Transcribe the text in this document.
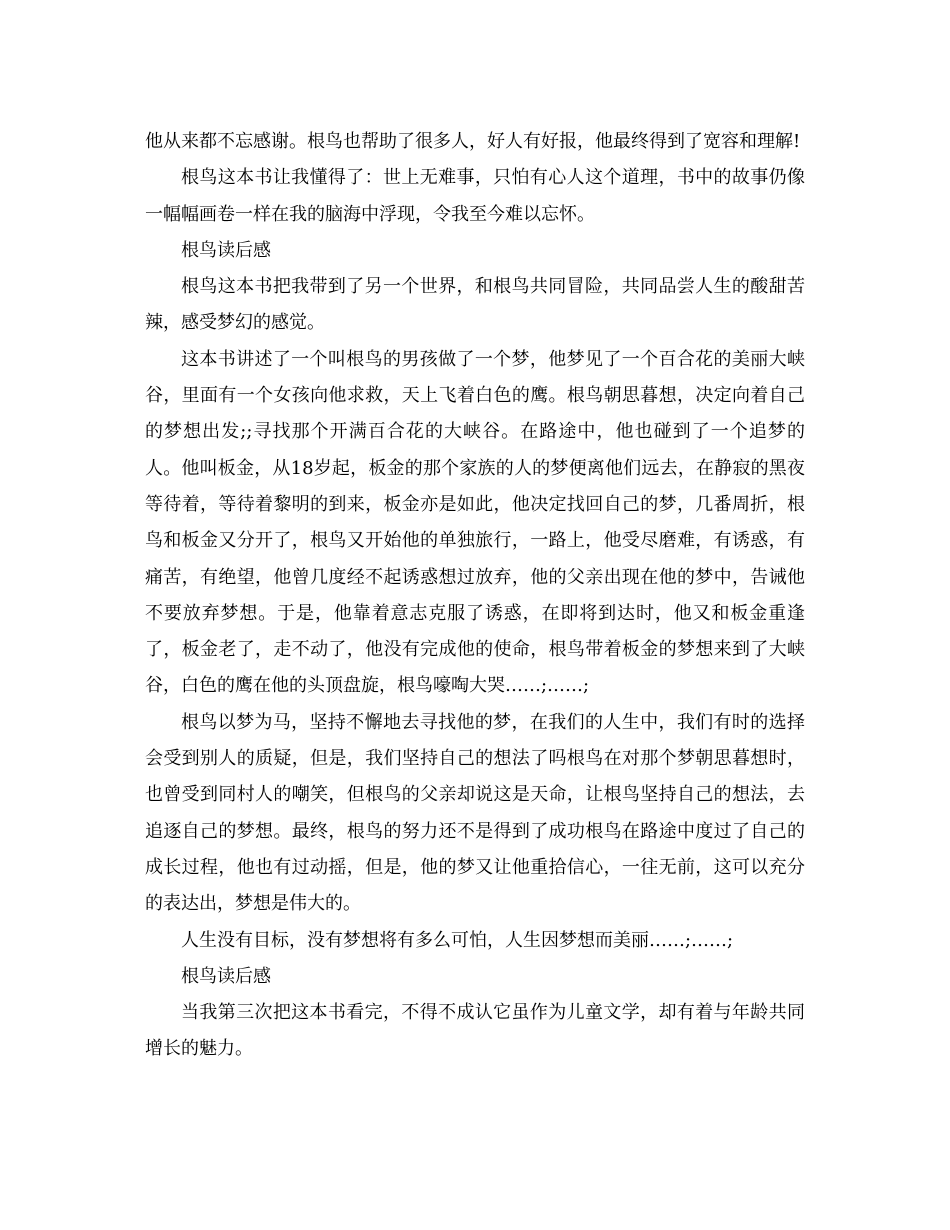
他从来都不忘感谢。根鸟也帮助了很多人，好人有好报，他最终得到了宽容和理解!

根鸟这本书让我懂得了：世上无难事，只怕有心人这个道理，书中的故事仍像一幅幅画卷一样在我的脑海中浮现，令我至今难以忘怀。

根鸟读后感

根鸟这本书把我带到了另一个世界，和根鸟共同冒险，共同品尝人生的酸甜苦辣，感受梦幻的感觉。

这本书讲述了一个叫根鸟的男孩做了一个梦，他梦见了一个百合花的美丽大峡谷，里面有一个女孩向他求救，天上飞着白色的鹰。根鸟朝思暮想，决定向着自己的梦想出发;;寻找那个开满百合花的大峡谷。在路途中，他也碰到了一个追梦的人。他叫板金，从18岁起，板金的那个家族的人的梦便离他们远去，在静寂的黑夜等待着，等待着黎明的到来，板金亦是如此，他决定找回自己的梦，几番周折，根鸟和板金又分开了，根鸟又开始他的单独旅行，一路上，他受尽磨难，有诱惑，有痛苦，有绝望，他曾几度经不起诱惑想过放弃，他的父亲出现在他的梦中，告诫他不要放弃梦想。于是，他靠着意志克服了诱惑，在即将到达时，他又和板金重逢了，板金老了，走不动了，他没有完成他的使命，根鸟带着板金的梦想来到了大峡谷，白色的鹰在他的头顶盘旋，根鸟嚎啕大哭……;……;

根鸟以梦为马，坚持不懈地去寻找他的梦，在我们的人生中，我们有时的选择会受到别人的质疑，但是，我们坚持自己的想法了吗根鸟在对那个梦朝思暮想时，也曾受到同村人的嘲笑，但根鸟的父亲却说这是天命，让根鸟坚持自己的想法，去追逐自己的梦想。最终，根鸟的努力还不是得到了成功根鸟在路途中度过了自己的成长过程，他也有过动摇，但是，他的梦又让他重拾信心，一往无前，这可以充分的表达出，梦想是伟大的。

人生没有目标，没有梦想将有多么可怕，人生因梦想而美丽……;……;

根鸟读后感

当我第三次把这本书看完，不得不成认它虽作为儿童文学，却有着与年龄共同增长的魅力。
